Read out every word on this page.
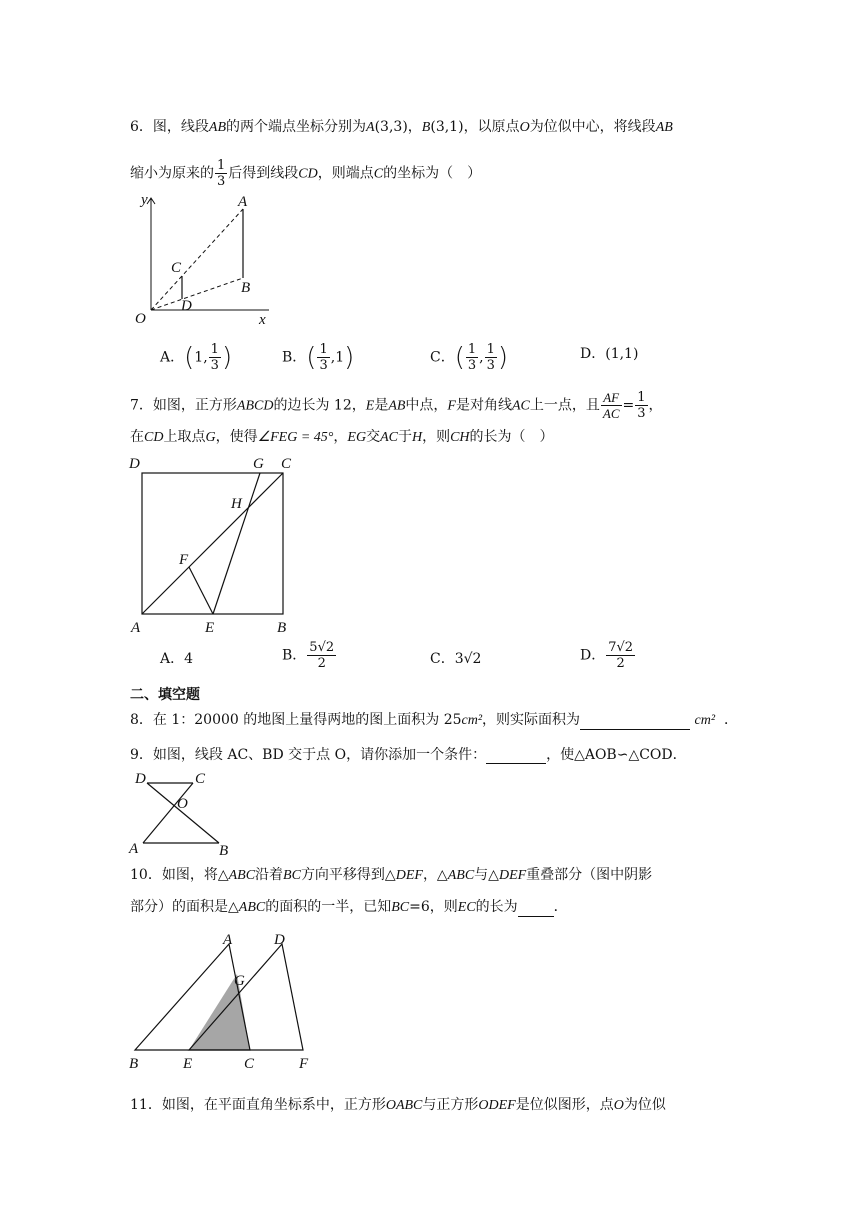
6．图，线段AB的两个端点坐标分别为A(3,3)，B(3,1)，以原点O为位似中心，将线段AB
缩小为原来的 $\frac{1}{3}$ 后得到线段CD，则端点C的坐标为（　）
y
x
A
B
C
D
O
A．(1, $\frac{1}{3}$ )	B．( $\frac{1}{3} ,1$)	C．( $\frac{1}{3}$ , $\frac{1}{3}$ )	D．(1,1)
7．如图，正方形ABCD的边长为 12，E是AB中点，F是对角线AC上一点，且 $\frac{AF}{AC} = \frac{1}{3}$ ，
在CD上取点G，使得∠FEG = 45°，EG交AC于H，则CH的长为（　）
D	G C
H
F
A	E	B
A．4	B． $\frac{5√2}{2}$	C．3√2	D． $\frac{7√2}{2}$
二、填空题
8．在 1：20000 的地图上量得两地的图上面积为 25cm²，则实际面积为	cm² ．
9．如图，线段 AC、BD 交于点 O，请你添加一个条件：	，使△AOB∽△COD．
D	C
O
A	B
10．如图，将△ABC沿着BC方向平移得到△DEF，△ABC与△DEF重叠部分（图中阴影
部分）的面积是△ABC的面积的一半，已知BC=6，则EC的长为	．
A	D
G
B	E	C	F
11．如图，在平面直角坐标系中，正方形OABC与正方形ODEF是位似图形，点O为位似
